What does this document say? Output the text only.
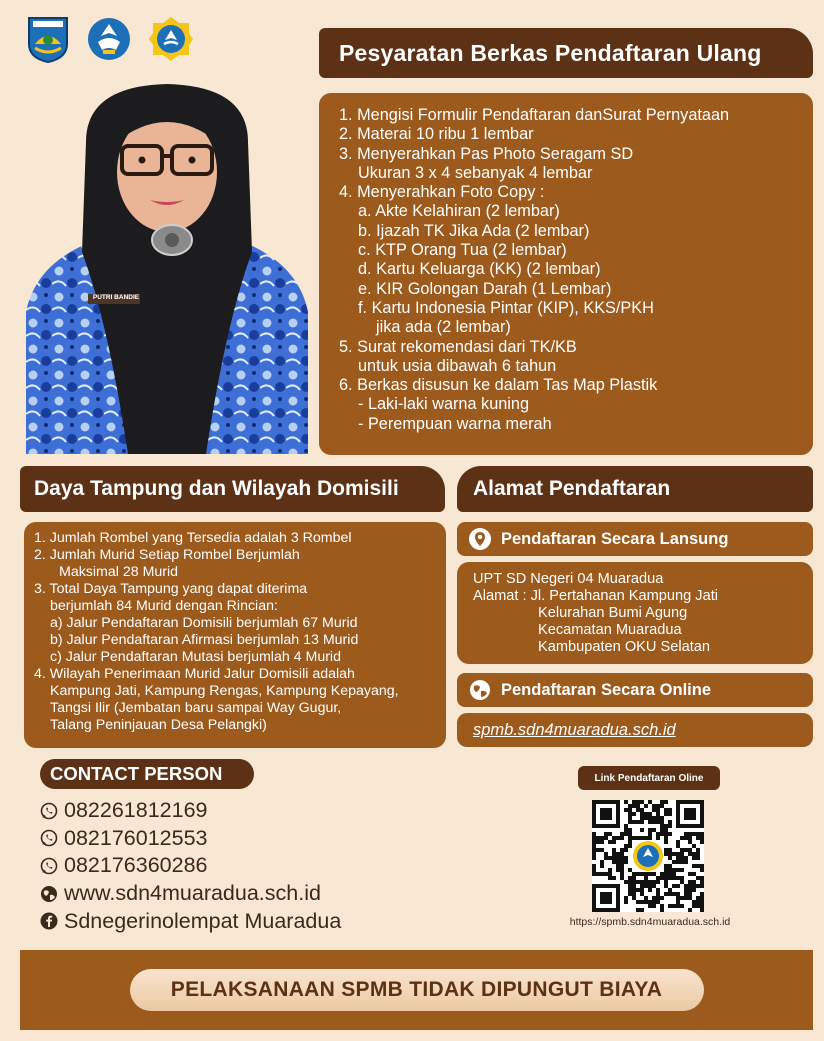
Pesyaratan Berkas Pendaftaran Ulang
1. Mengisi Formulir Pendaftaran danSurat Pernyataan
2. Materai 10 ribu 1 lembar
3. Menyerahkan Pas Photo Seragam SD
Ukuran 3 x 4 sebanyak 4 lembar
4. Menyerahkan Foto Copy :
a. Akte Kelahiran (2 lembar)
b. Ijazah TK Jika Ada (2 lembar)
c. KTP Orang Tua (2 lembar)
d. Kartu Keluarga (KK) (2 lembar)
e. KIR Golongan Darah (1 Lembar)
f. Kartu Indonesia Pintar (KIP), KKS/PKH
jika ada (2 lembar)
5. Surat rekomendasi dari TK/KB
untuk usia dibawah 6 tahun
6. Berkas disusun ke dalam Tas Map Plastik
- Laki-laki warna kuning
- Perempuan warna merah
PUTRI BANDIE
Daya Tampung dan Wilayah Domisili
1. Jumlah Rombel yang Tersedia adalah 3 Rombel
2. Jumlah Murid Setiap Rombel Berjumlah
Maksimal 28 Murid
3. Total Daya Tampung yang dapat diterima
berjumlah 84 Murid dengan Rincian:
a) Jalur Pendaftaran Domisili berjumlah 67 Murid
b) Jalur Pendaftaran Afirmasi berjumlah 13 Murid
c) Jalur Pendaftaran Mutasi berjumlah 4 Murid
4. Wilayah Penerimaan Murid Jalur Domisili adalah
Kampung Jati, Kampung Rengas, Kampung Kepayang,
Tangsi Ilir (Jembatan baru sampai Way Gugur,
Talang Peninjauan Desa Pelangki)
Alamat Pendaftaran
Pendaftaran Secara Lansung
UPT SD Negeri 04 Muaradua
Alamat : Jl. Pertahanan Kampung Jati
Kelurahan Bumi Agung
Kecamatan Muaradua
Kambupaten OKU Selatan
Pendaftaran Secara Online
spmb.sdn4muaradua.sch.id
CONTACT PERSON
082261812169
082176012553
082176360286
www.sdn4muaradua.sch.id
Sdnegerinolempat Muaradua
Link Pendaftaran Oline
https://spmb.sdn4muaradua.sch.id
PELAKSANAAN SPMB TIDAK DIPUNGUT BIAYA
